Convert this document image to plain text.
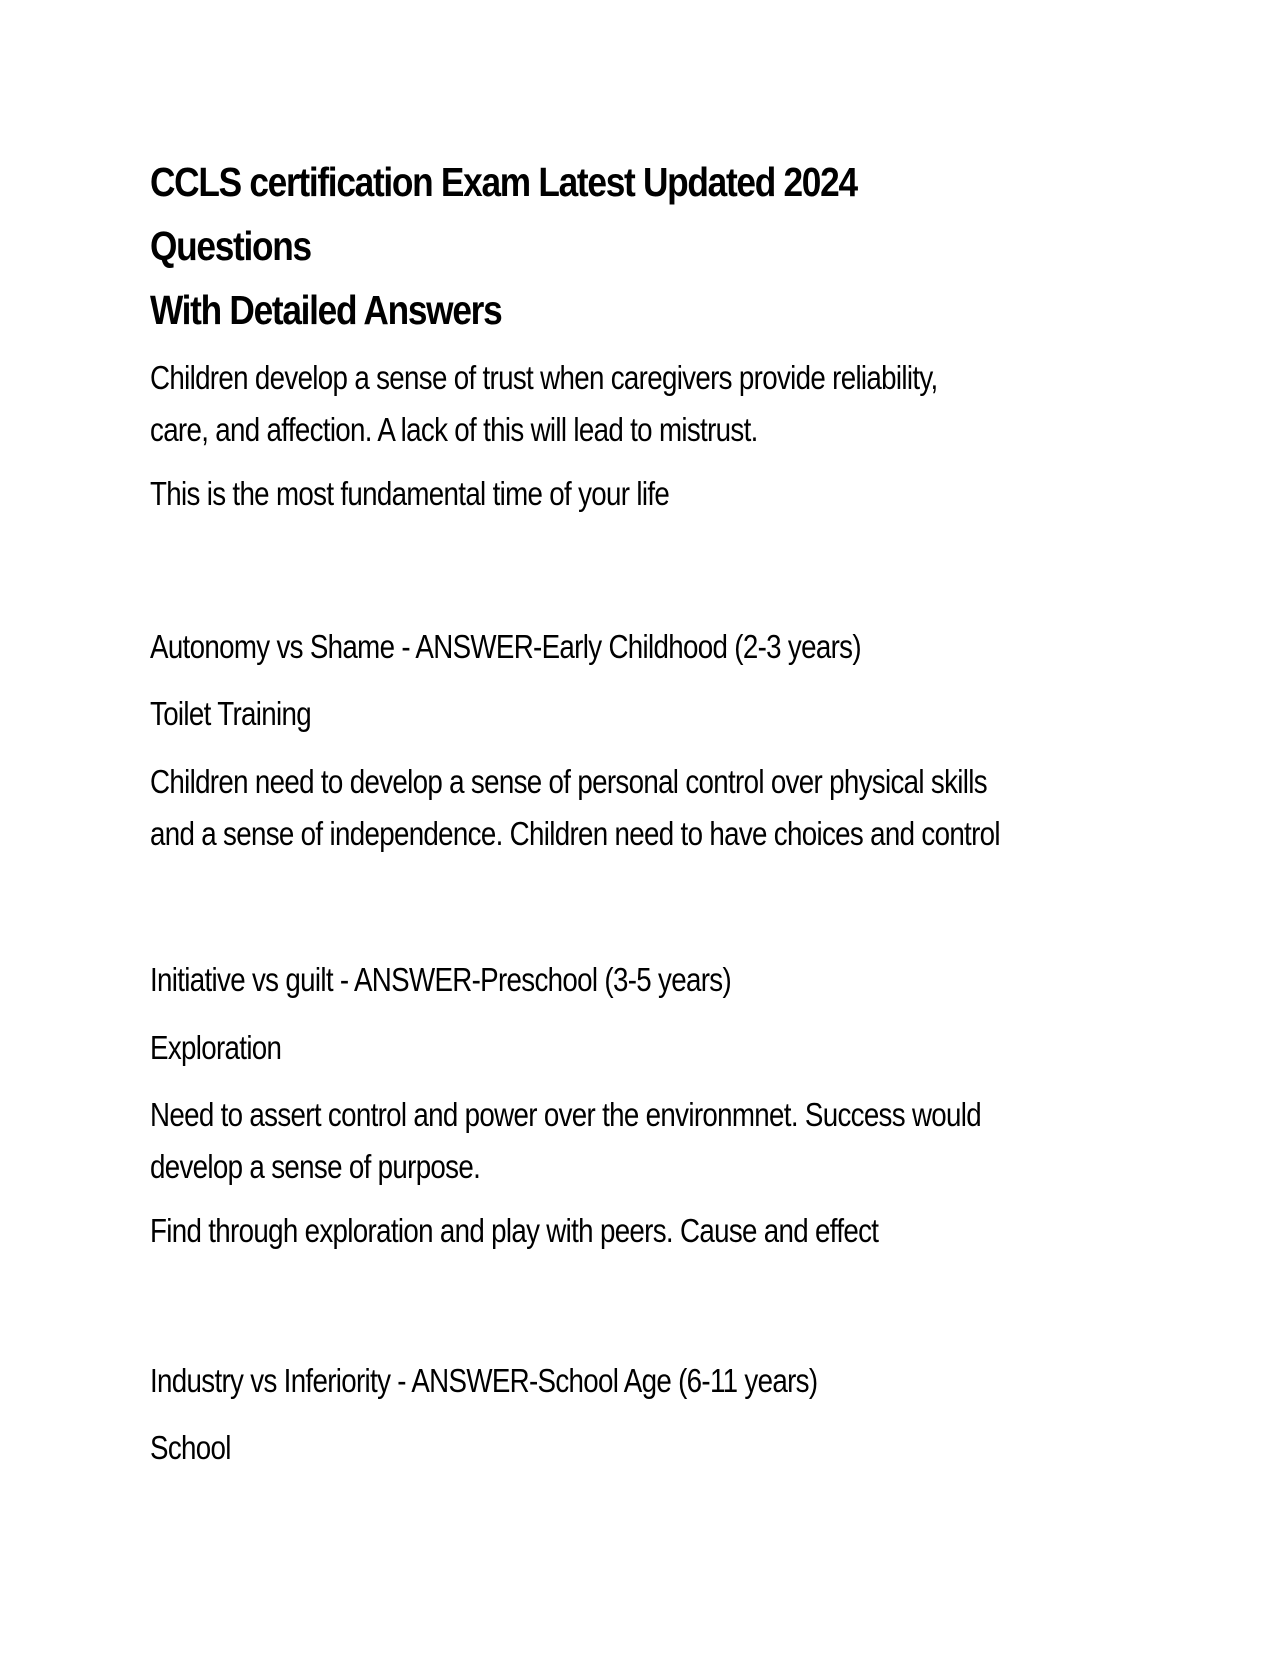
CCLS certification Exam Latest Updated 2024 Questions
With Detailed Answers

Children develop a sense of trust when caregivers provide reliability,
care, and affection. A lack of this will lead to mistrust.

This is the most fundamental time of your life

Autonomy vs Shame - ANSWER-Early Childhood (2-3 years)

Toilet Training

Children need to develop a sense of personal control over physical skills
and a sense of independence. Children need to have choices and control

Initiative vs guilt - ANSWER-Preschool (3-5 years)

Exploration

Need to assert control and power over the environmnet. Success would
develop a sense of purpose.

Find through exploration and play with peers. Cause and effect

Industry vs Inferiority - ANSWER-School Age (6-11 years)

School
